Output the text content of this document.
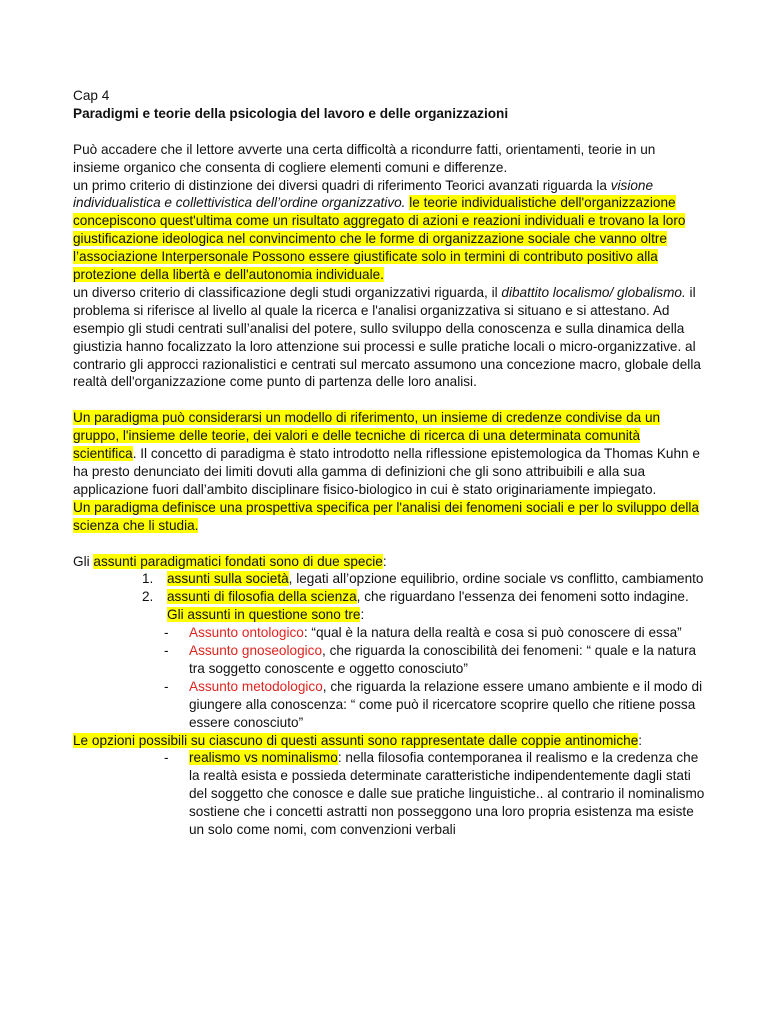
Cap 4

Paradigmi e teorie della psicologia del lavoro e delle organizzazioni

Può accadere che il lettore avverte una certa difficoltà a ricondurre fatti, orientamenti, teorie in un insieme organico che consenta di cogliere elementi comuni e differenze.

un primo criterio di distinzione dei diversi quadri di riferimento Teorici avanzati riguarda la visione individualistica e collettivistica dell’ordine organizzativo. le teorie individualistiche dell'organizzazione concepiscono quest'ultima come un risultato aggregato di azioni e reazioni individuali e trovano la loro giustificazione ideologica nel convincimento che le forme di organizzazione sociale che vanno oltre l’associazione Interpersonale Possono essere giustificate solo in termini di contributo positivo alla protezione della libertà e dell'autonomia individuale.

un diverso criterio di classificazione degli studi organizzativi riguarda, il dibattito localismo/ globalismo. il problema si riferisce al livello al quale la ricerca e l'analisi organizzativa si situano e si attestano. Ad esempio gli studi centrati sull’analisi del potere, sullo sviluppo della conoscenza e sulla dinamica della giustizia hanno focalizzato la loro attenzione sui processi e sulle pratiche locali o micro-organizzative. al contrario gli approcci razionalistici e centrati sul mercato assumono una concezione macro, globale della realtà dell'organizzazione come punto di partenza delle loro analisi.

Un paradigma può considerarsi un modello di riferimento, un insieme di credenze condivise da un gruppo, l'insieme delle teorie, dei valori e delle tecniche di ricerca di una determinata comunità scientifica. Il concetto di paradigma è stato introdotto nella riflessione epistemologica da Thomas Kuhn e ha presto denunciato dei limiti dovuti alla gamma di definizioni che gli sono attribuibili e alla sua applicazione fuori dall’ambito disciplinare fisico-biologico in cui è stato originariamente impiegato.

Un paradigma definisce una prospettiva specifica per l'analisi dei fenomeni sociali e per lo sviluppo della scienza che li studia.

Gli assunti paradigmatici fondati sono di due specie:

1. assunti sulla società, legati all’opzione equilibrio, ordine sociale vs conflitto, cambiamento
2. assunti di filosofia della scienza, che riguardano l'essenza dei fenomeni sotto indagine. Gli assunti in questione sono tre:
- Assunto ontologico: “qual è la natura della realtà e cosa si può conoscere di essa”
- Assunto gnoseologico, che riguarda la conoscibilità dei fenomeni: “ quale e la natura tra soggetto conoscente e oggetto conosciuto”
- Assunto metodologico, che riguarda la relazione essere umano ambiente e il modo di giungere alla conoscenza: “ come può il ricercatore scoprire quello che ritiene possa essere conosciuto”

Le opzioni possibili su ciascuno di questi assunti sono rappresentate dalle coppie antinomiche:

- realismo vs nominalismo: nella filosofia contemporanea il realismo e la credenza che la realtà esista e possieda determinate caratteristiche indipendentemente dagli stati del soggetto che conosce e dalle sue pratiche linguistiche.. al contrario il nominalismo sostiene che i concetti astratti non posseggono una loro propria esistenza ma esiste un solo come nomi, com convenzioni verbali
